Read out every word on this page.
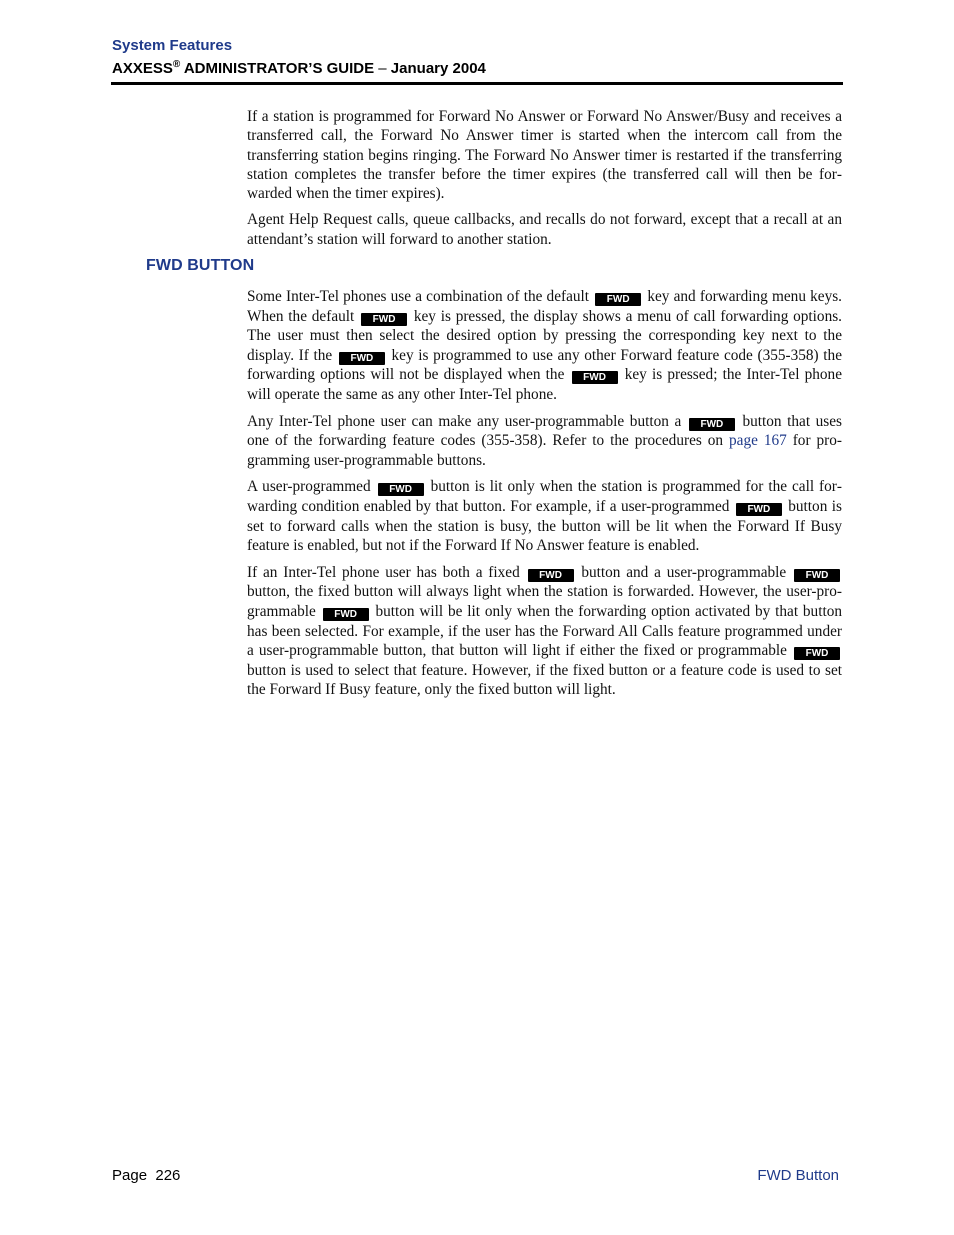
System Features
AXXESS® ADMINISTRATOR’S GUIDE – January 2004

If a station is programmed for Forward No Answer or Forward No Answer/Busy and receives a transferred call, the Forward No Answer timer is started when the intercom call from the transferring station begins ringing. The Forward No Answer timer is restarted if the transferring station completes the transfer before the timer expires (the transferred call will then be forwarded when the timer expires).

Agent Help Request calls, queue callbacks, and recalls do not forward, except that a recall at an attendant’s station will forward to another station.

FWD BUTTON

Some Inter-Tel phones use a combination of the default FWD key and forwarding menu keys. When the default FWD key is pressed, the display shows a menu of call forwarding options. The user must then select the desired option by pressing the corresponding key next to the display. If the FWD key is programmed to use any other Forward feature code (355-358) the forwarding options will not be displayed when the FWD key is pressed; the Inter-Tel phone will operate the same as any other Inter-Tel phone.

Any Inter-Tel phone user can make any user-programmable button a FWD button that uses one of the forwarding feature codes (355-358). Refer to the procedures on page 167 for programming user-programmable buttons.

A user-programmed FWD button is lit only when the station is programmed for the call forwarding condition enabled by that button. For example, if a user-programmed FWD button is set to forward calls when the station is busy, the button will be lit when the Forward If Busy feature is enabled, but not if the Forward If No Answer feature is enabled.

If an Inter-Tel phone user has both a fixed FWD button and a user-programmable FWD button, the fixed button will always light when the station is forwarded. However, the user-programmable FWD button will be lit only when the forwarding option activated by that button has been selected. For example, if the user has the Forward All Calls feature programmed under a user-programmable button, that button will light if either the fixed or programmable FWD button is used to select that feature. However, if the fixed button or a feature code is used to set the Forward If Busy feature, only the fixed button will light.

Page  226	FWD Button
